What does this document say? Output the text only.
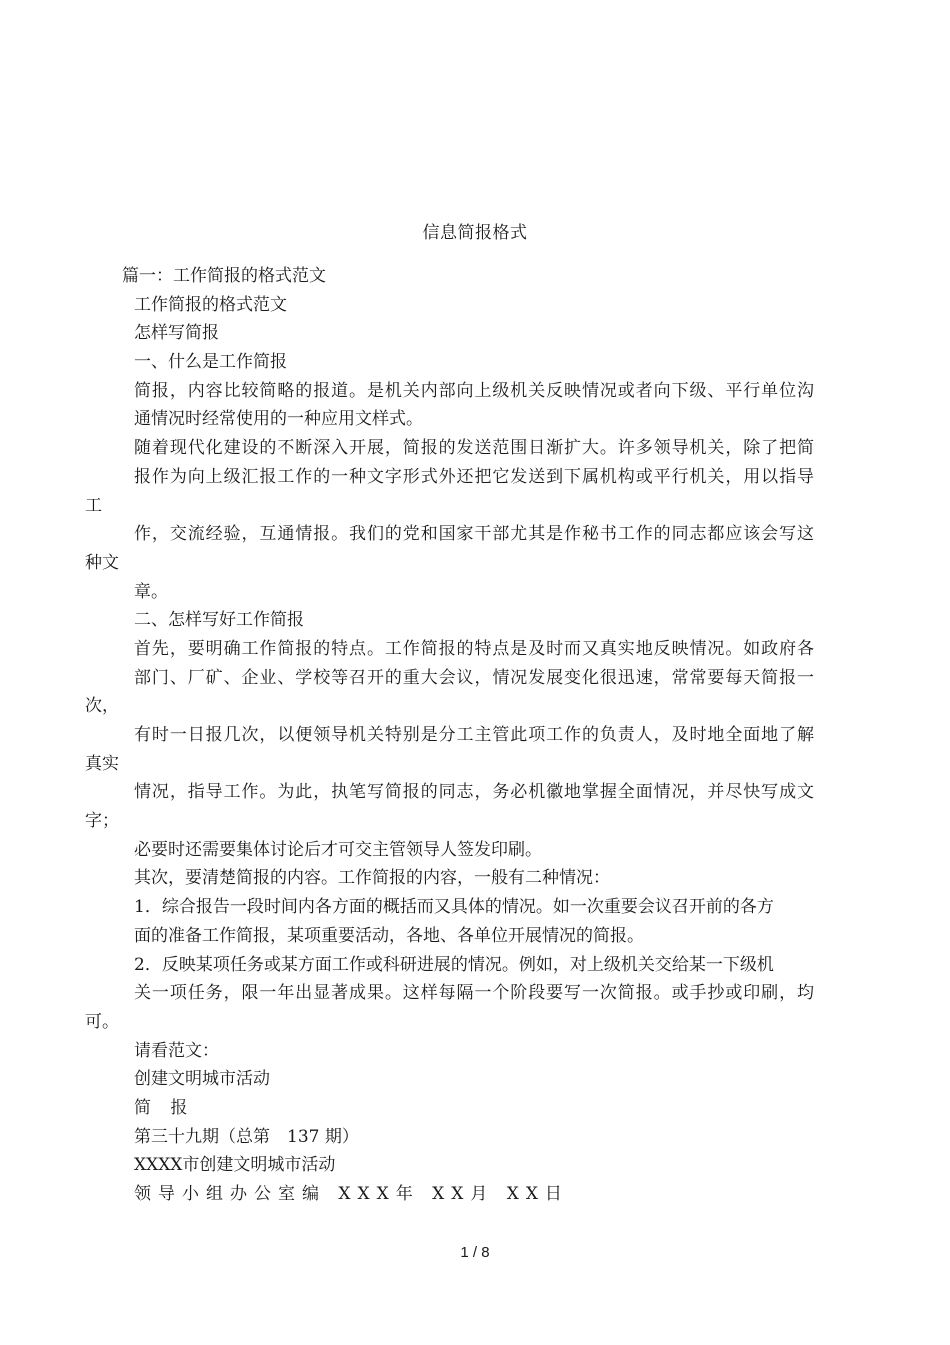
信息简报格式
篇一：工作简报的格式范文
工作简报的格式范文
怎样写简报
一、什么是工作简报
简报，内容比较简略的报道。是机关内部向上级机关反映情况或者向下级、平行单位沟
通情况时经常使用的一种应用文样式。
随着现代化建设的不断深入开展，简报的发送范围日渐扩大。许多领导机关，除了把简
报作为向上级汇报工作的一种文字形式外还把它发送到下属机构或平行机关，用以指导
工
作，交流经验，互通情报。我们的党和国家干部尤其是作秘书工作的同志都应该会写这
种文
章。
二、怎样写好工作简报
首先，要明确工作简报的特点。工作简报的特点是及时而又真实地反映情况。如政府各
部门、厂矿、企业、学校等召开的重大会议，情况发展变化很迅速，常常要每天简报一
次，
有时一日报几次，以便领导机关特别是分工主管此项工作的负责人，及时地全面地了解
真实
情况，指导工作。为此，执笔写简报的同志，务必机徽地掌握全面情况，并尽快写成文
字；
必要时还需要集体讨论后才可交主管领导人签发印刷。
其次，要清楚简报的内容。工作简报的内容，一般有二种情况：
1．综合报告一段时间内各方面的概括而又具体的情况。如一次重要会议召开前的各方
面的准备工作简报，某项重要活动，各地、各单位开展情况的简报。
2．反映某项任务或某方面工作或科研进展的情况。例如，对上级机关交给某一下级机
关一项任务，限一年出显著成果。这样每隔一个阶段要写一次简报。或手抄或印刷，均
可。
请看范文：
创建文明城市活动
简 报
第三十九期（总第　137 期）
XXXX市创建文明城市活动
领导小组办公室编 XXX年 XX月 XX日
1 / 8
